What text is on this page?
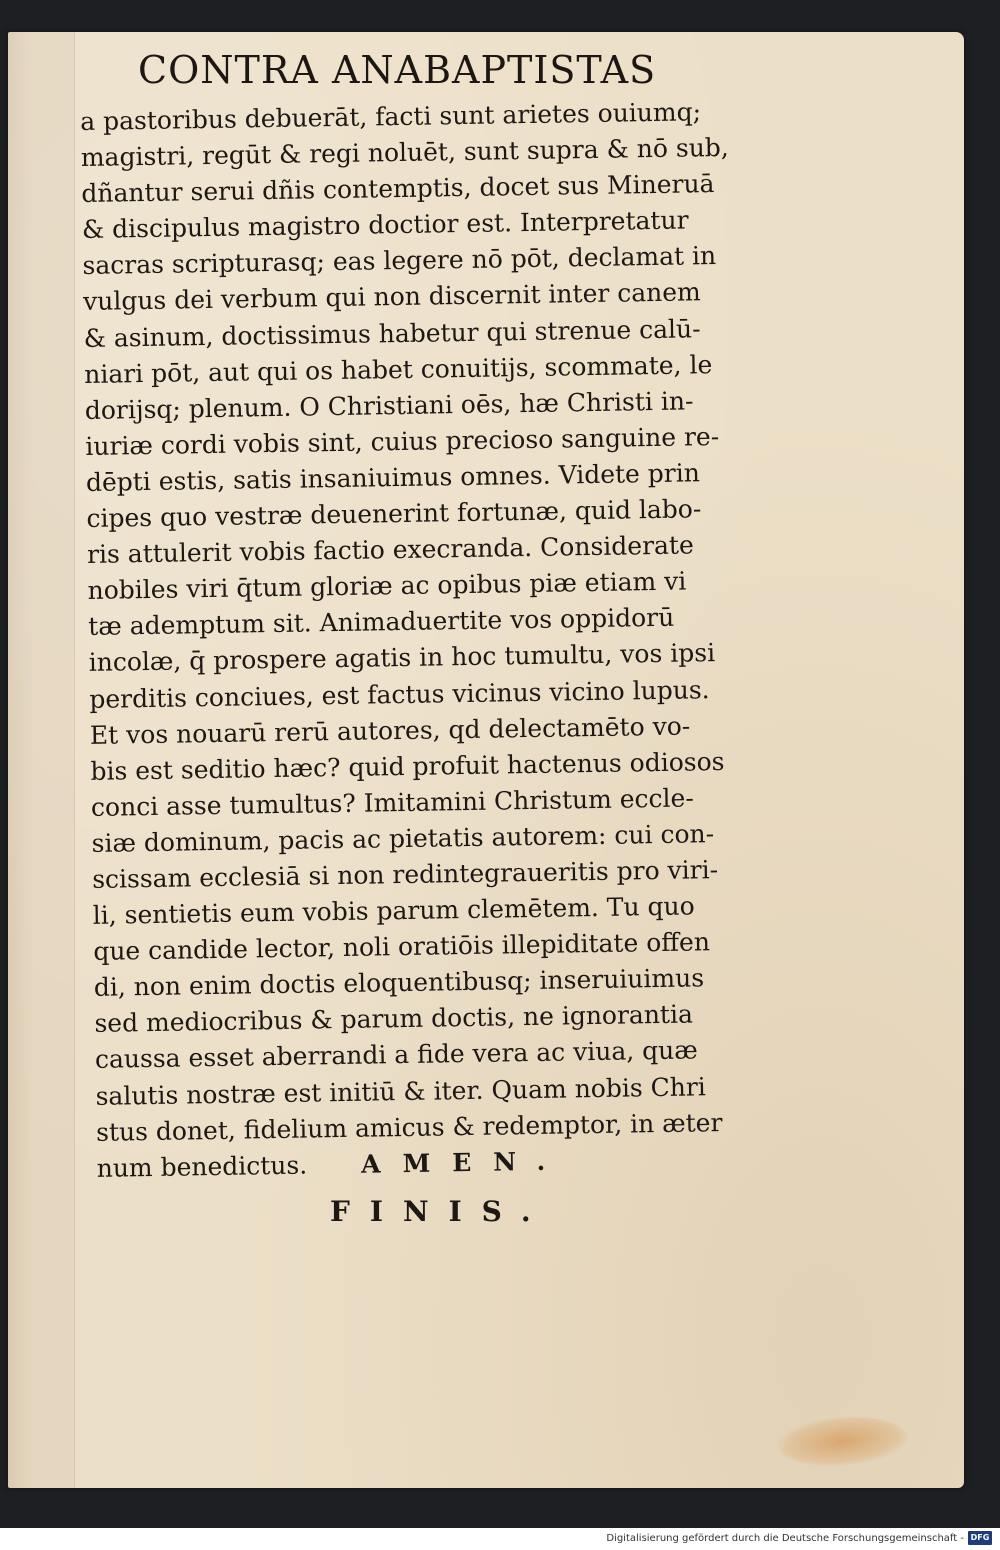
CONTRA ANABAPTISTAS
a pastoribus debuerāt, facti sunt arietes ouiumq;
magistri, regūt & regi noluēt, sunt supra & nō sub,
dñantur serui dñis contemptis, docet sus Mineruā
& discipulus magistro doctior est. Interpretatur
sacras scripturasq; eas legere nō pōt, declamat in
vulgus dei verbum qui non discernit inter canem
& asinum, doctissimus habetur qui strenue calū-
niari pōt, aut qui os habet conuitijs, scommate, le
dorijsq; plenum. O Christiani oēs, hæ Christi in-
iuriæ cordi vobis sint, cuius precioso sanguine re-
dēpti estis, satis insaniuimus omnes. Videte prin
cipes quo vestræ deuenerint fortunæ, quid labo-
ris attulerit vobis factio execranda. Considerate
nobiles viri q̄tum gloriæ ac opibus piæ etiam vi
tæ ademptum sit. Animaduertite vos oppidorū
incolæ, q̄ prospere agatis in hoc tumultu, vos ipsi
perditis conciues, est factus vicinus vicino lupus.
Et vos nouarū rerū autores, qd delectamēto vo-
bis est seditio hæc? quid profuit hactenus odiosos
conci asse tumultus? Imitamini Christum eccle-
siæ dominum, pacis ac pietatis autorem: cui con-
scissam ecclesiā si non redintegraueritis pro viri-
li, sentietis eum vobis parum clemētem. Tu quo
que candide lector, noli oratiōis illepiditate offen
di, non enim doctis eloquentibusq; inseruiuimus
sed mediocribus & parum doctis, ne ignorantia
caussa esset aberrandi a fide vera ac viua, quæ
salutis nostræ est initiū & iter. Quam nobis Chri
stus donet, fidelium amicus & redemptor, in æter
num benedictus. AMEN.
FINIS.
Digitalisierung gefördert durch die Deutsche Forschungsgemeinschaft - DFG
